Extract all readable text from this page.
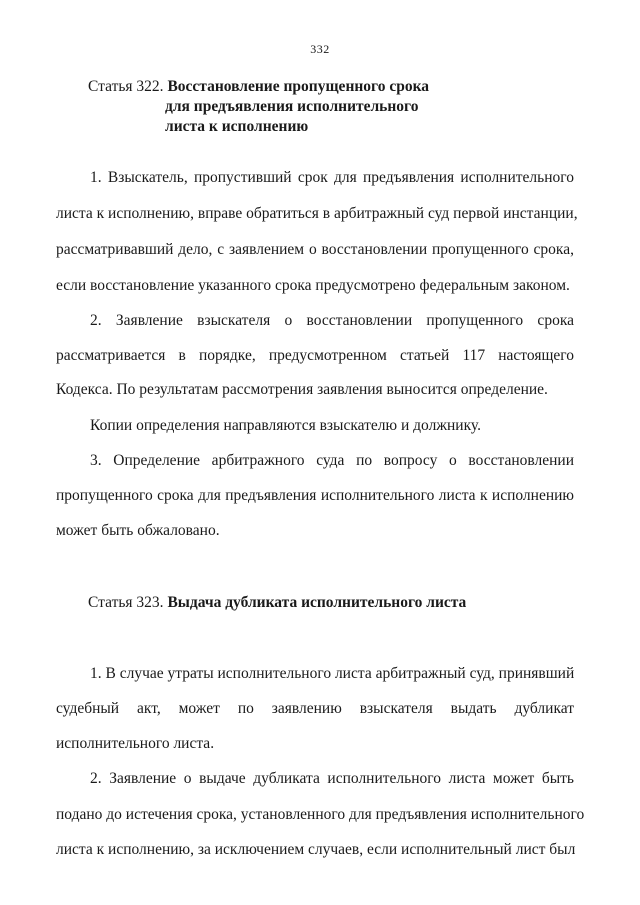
332
Статья 322. Восстановление пропущенного срока
для предъявления исполнительного
листа к исполнению
1. Взыскатель, пропустивший срок для предъявления исполнительного
листа к исполнению, вправе обратиться в арбитражный суд первой инстанции,
рассматривавший дело, с заявлением о восстановлении пропущенного срока,
если восстановление указанного срока предусмотрено федеральным законом.
2. Заявление взыскателя о восстановлении пропущенного срока
рассматривается в порядке, предусмотренном статьей 117 настоящего
Кодекса. По результатам рассмотрения заявления выносится определение.
Копии определения направляются взыскателю и должнику.
3. Определение арбитражного суда по вопросу о восстановлении
пропущенного срока для предъявления исполнительного листа к исполнению
может быть обжаловано.
Статья 323. Выдача дубликата исполнительного листа
1. В случае утраты исполнительного листа арбитражный суд, принявший
судебный акт, может по заявлению взыскателя выдать дубликат
исполнительного листа.
2. Заявление о выдаче дубликата исполнительного листа может быть
подано до истечения срока, установленного для предъявления исполнительного
листа к исполнению, за исключением случаев, если исполнительный лист был
